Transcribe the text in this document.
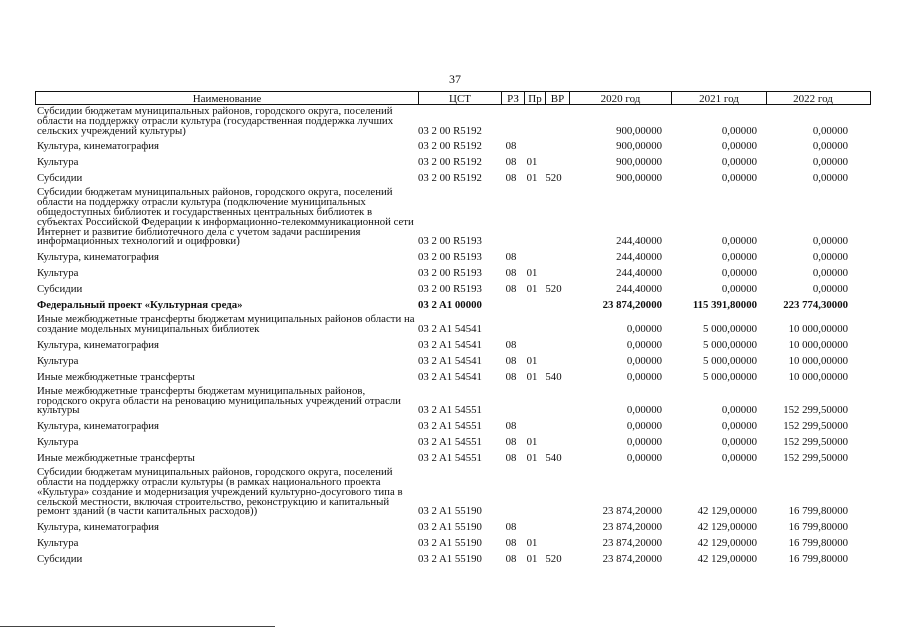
37
Наименование	ЦСТ	РЗ Пр ВР	2020 год	2021 год	2022 год
Субсидии бюджетам муниципальных районов, городского округа, поселений области на поддержку отрасли культура (государственная поддержка лучших сельских учреждений культуры)	03 2 00 R5192	900,00000	0,00000	0,00000
Культура, кинематография	03 2 00 R5192	08	900,00000	0,00000	0,00000
Культура	03 2 00 R5192	08 01	900,00000	0,00000	0,00000
Субсидии	03 2 00 R5192	08 01 520	900,00000	0,00000	0,00000
Субсидии бюджетам муниципальных районов, городского округа, поселений области на поддержку отрасли культура (подключение муниципальных общедоступных библиотек и государственных центральных библиотек в субъектах Российской Федерации к информационно-телекоммуникационной сети Интернет и развитие библиотечного дела с учетом задачи расширения информационных технологий и оцифровки)	03 2 00 R5193	244,40000	0,00000	0,00000
Культура, кинематография	03 2 00 R5193	08	244,40000	0,00000	0,00000
Культура	03 2 00 R5193	08 01	244,40000	0,00000	0,00000
Субсидии	03 2 00 R5193	08 01 520	244,40000	0,00000	0,00000
Федеральный проект «Культурная среда»	03 2 A1 00000	23 874,20000	115 391,80000	223 774,30000
Иные межбюджетные трансферты бюджетам муниципальных районов области на создание модельных муниципальных библиотек	03 2 A1 54541	0,00000	5 000,00000	10 000,00000
Культура, кинематография	03 2 A1 54541	08	0,00000	5 000,00000	10 000,00000
Культура	03 2 A1 54541	08 01	0,00000	5 000,00000	10 000,00000
Иные межбюджетные трансферты	03 2 A1 54541	08 01 540	0,00000	5 000,00000	10 000,00000
Иные межбюджетные трансферты бюджетам муниципальных районов, городского округа области на реновацию муниципальных учреждений отрасли культуры	03 2 A1 54551	0,00000	0,00000	152 299,50000
Культура, кинематография	03 2 A1 54551	08	0,00000	0,00000	152 299,50000
Культура	03 2 A1 54551	08 01	0,00000	0,00000	152 299,50000
Иные межбюджетные трансферты	03 2 A1 54551	08 01 540	0,00000	0,00000	152 299,50000
Субсидии бюджетам муниципальных районов, городского округа, поселений области на поддержку отрасли культуры (в рамках национального проекта «Культура» создание и модернизация учреждений культурно-досугового типа в сельской местности, включая строительство, реконструкцию и капитальный ремонт зданий (в части капитальных расходов))	03 2 A1 55190	23 874,20000	42 129,00000	16 799,80000
Культура, кинематография	03 2 A1 55190	08	23 874,20000	42 129,00000	16 799,80000
Культура	03 2 A1 55190	08 01	23 874,20000	42 129,00000	16 799,80000
Субсидии	03 2 A1 55190	08 01 520	23 874,20000	42 129,00000	16 799,80000
